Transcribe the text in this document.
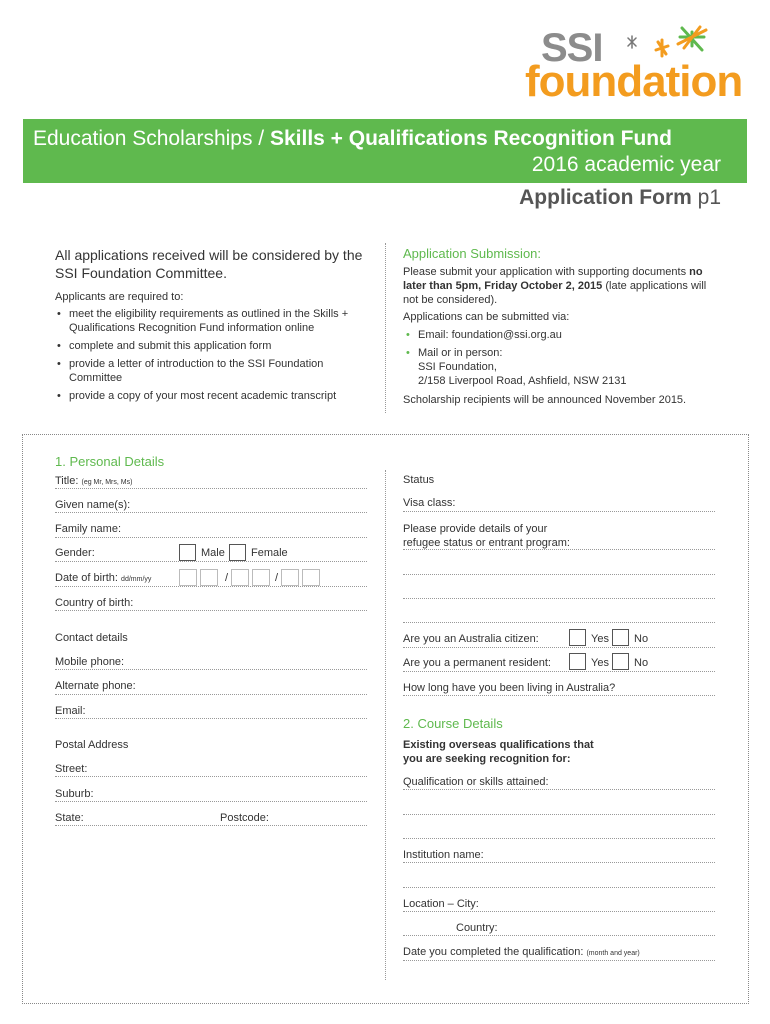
SSI
foundation
Education Scholarships / Skills + Qualifications Recognition Fund
2016 academic year
Application Form p1
All applications received will be considered by the SSI Foundation Committee.
Applicants are required to:
• meet the eligibility requirements as outlined in the Skills + Qualifications Recognition Fund information online
• complete and submit this application form
• provide a letter of introduction to the SSI Foundation Committee
• provide a copy of your most recent academic transcript
Application Submission:
Please submit your application with supporting documents no later than 5pm, Friday October 2, 2015 (late applications will not be considered).
Applications can be submitted via:
• Email: foundation@ssi.org.au
• Mail or in person:
SSI Foundation,
2/158 Liverpool Road, Ashfield, NSW 2131
Scholarship recipients will be announced November 2015.
1. Personal Details
Title: (eg Mr, Mrs, Ms)
Given name(s):
Family name:
Gender:	Male Female
Date of birth: dd/mm/yy	/	/
Country of birth:
Contact details
Mobile phone:
Alternate phone:
Email:
Postal Address
Street:
Suburb:
State:	Postcode:
Status
Visa class:
Please provide details of your refugee status or entrant program:
Are you an Australia citizen:	Yes No
Are you a permanent resident:	Yes No
How long have you been living in Australia?
2. Course Details
Existing overseas qualifications that you are seeking recognition for:
Qualification or skills attained:
Institution name:
Location – City:
Country:
Date you completed the qualification: (month and year)
